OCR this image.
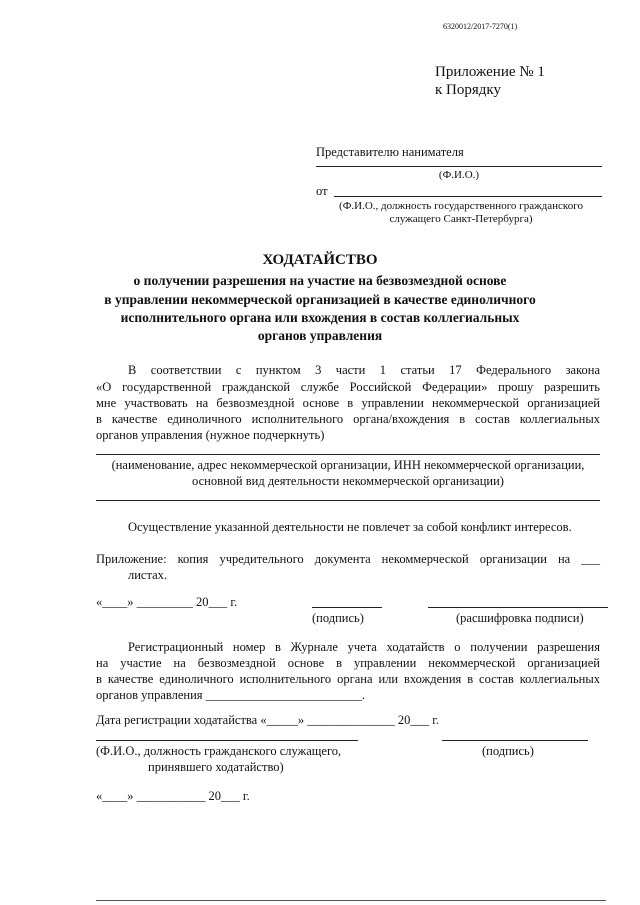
6320012/2017-7270(1)
Приложение № 1
к Порядку
Представителю нанимателя
(Ф.И.О.)
от
(Ф.И.О., должность государственного гражданского
служащего Санкт-Петербурга)
ХОДАТАЙСТВО
о получении разрешения на участие на безвозмездной основе
в управлении некоммерческой организацией в качестве единоличного
исполнительного органа или вхождения в состав коллегиальных
органов управления
В соответствии с пунктом 3 части 1 статьи 17 Федерального закона
«О государственной гражданской службе Российской Федерации» прошу разрешить
мне участвовать на безвозмездной основе в управлении некоммерческой организацией
в качестве единоличного исполнительного органа/вхождения в состав коллегиальных
органов управления (нужное подчеркнуть)
(наименование, адрес некоммерческой организации, ИНН некоммерческой организации,
основной вид деятельности некоммерческой организации)
Осуществление указанной деятельности не повлечет за собой конфликт интересов.
Приложение: копия учредительного документа некоммерческой организации на ___
листах.
«____» _________ 20___ г.
(подпись)	(расшифровка подписи)
Регистрационный номер в Журнале учета ходатайств о получении разрешения
на участие на безвозмездной основе в управлении некоммерческой организацией
в качестве единоличного исполнительного органа или вхождения в состав коллегиальных
органов управления _________________________.
Дата регистрации ходатайства «_____» ______________ 20___ г.
(Ф.И.О., должность гражданского служащего,
принявшего ходатайство)
(подпись)
«____» ___________ 20___ г.
